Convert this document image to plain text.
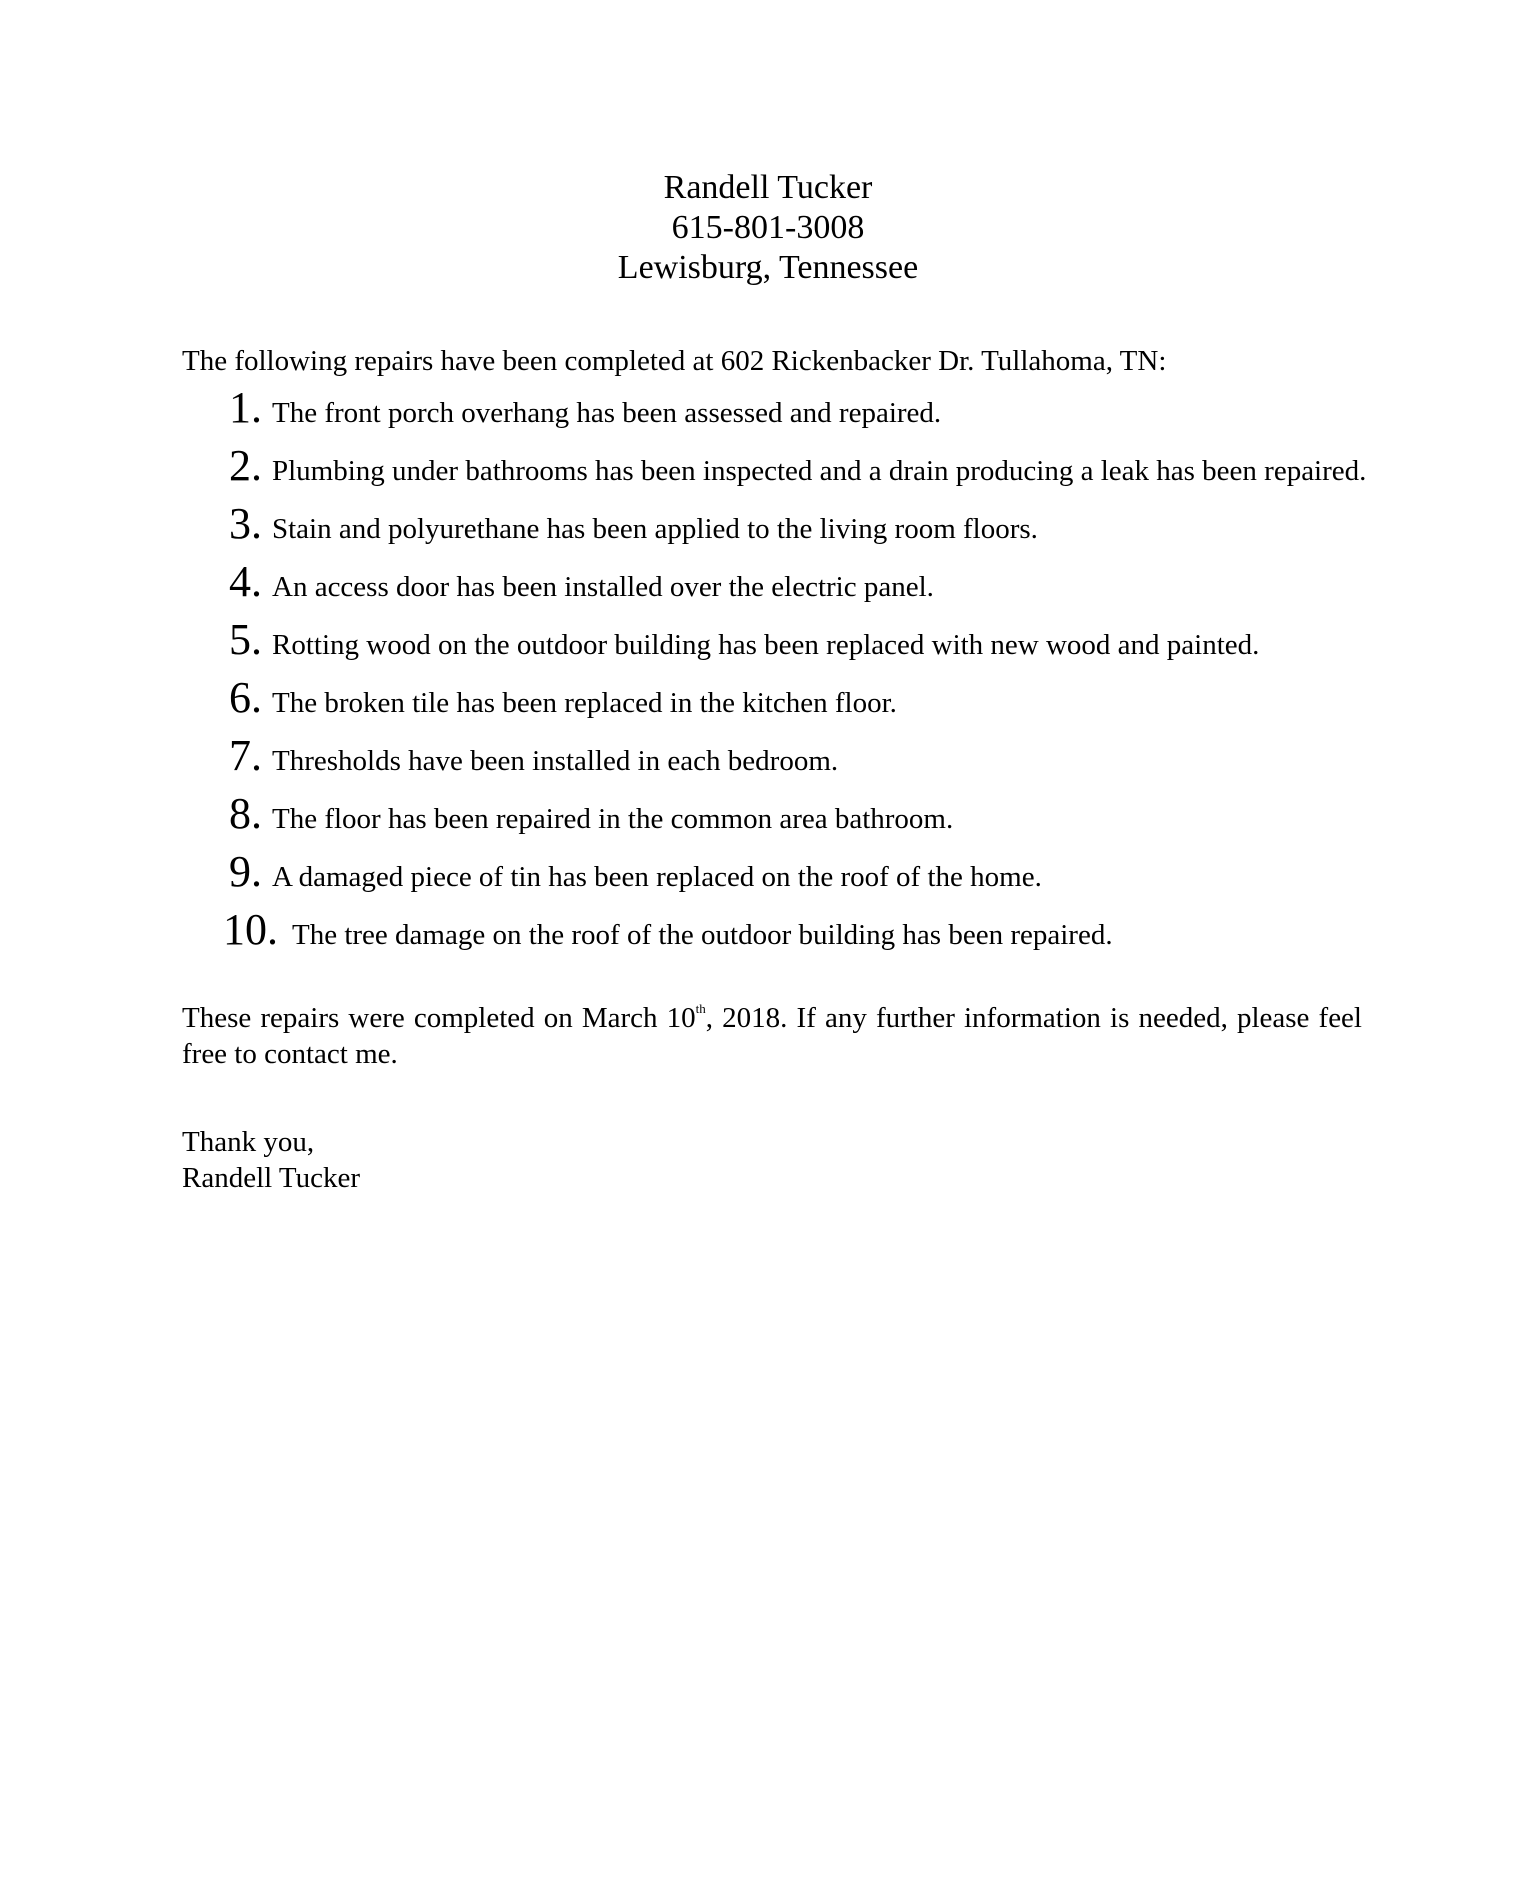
Randell Tucker
615-801-3008
Lewisburg, Tennessee
The following repairs have been completed at 602 Rickenbacker Dr. Tullahoma, TN:
1. The front porch overhang has been assessed and repaired.
2. Plumbing under bathrooms has been inspected and a drain producing a leak has been repaired.
3. Stain and polyurethane has been applied to the living room floors.
4. An access door has been installed over the electric panel.
5. Rotting wood on the outdoor building has been replaced with new wood and painted.
6. The broken tile has been replaced in the kitchen floor.
7. Thresholds have been installed in each bedroom.
8. The floor has been repaired in the common area bathroom.
9. A damaged piece of tin has been replaced on the roof of the home.
10. The tree damage on the roof of the outdoor building has been repaired.
These repairs were completed on March 10th, 2018. If any further information is needed, please feel free to contact me.
Thank you,
Randell Tucker
